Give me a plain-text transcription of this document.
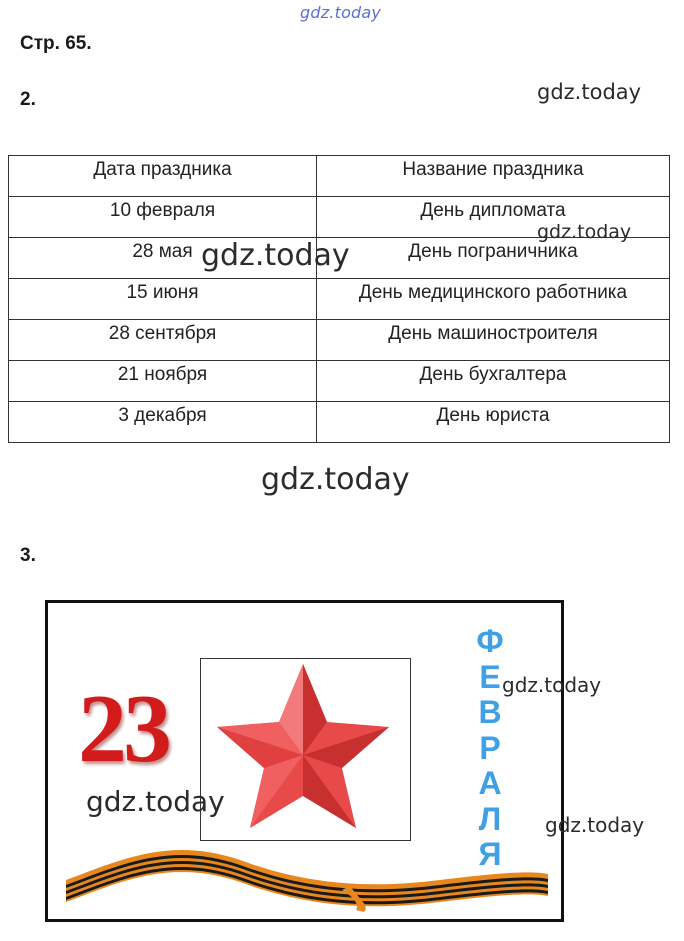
gdz.today
Стр. 65.
2.	gdz.today
Дата праздника	Название праздника
10 февраля	День дипломата
28 мая	День пограничника
15 июня	День медицинского работника
28 сентября	День машиностроителя
21 ноября	День бухгалтера
3 декабря	День юриста
gdz.today
gdz.today
gdz.today
3.
23
Ф
Е
В
Р
А
Л
Я
gdz.today
gdz.today
gdz.today
